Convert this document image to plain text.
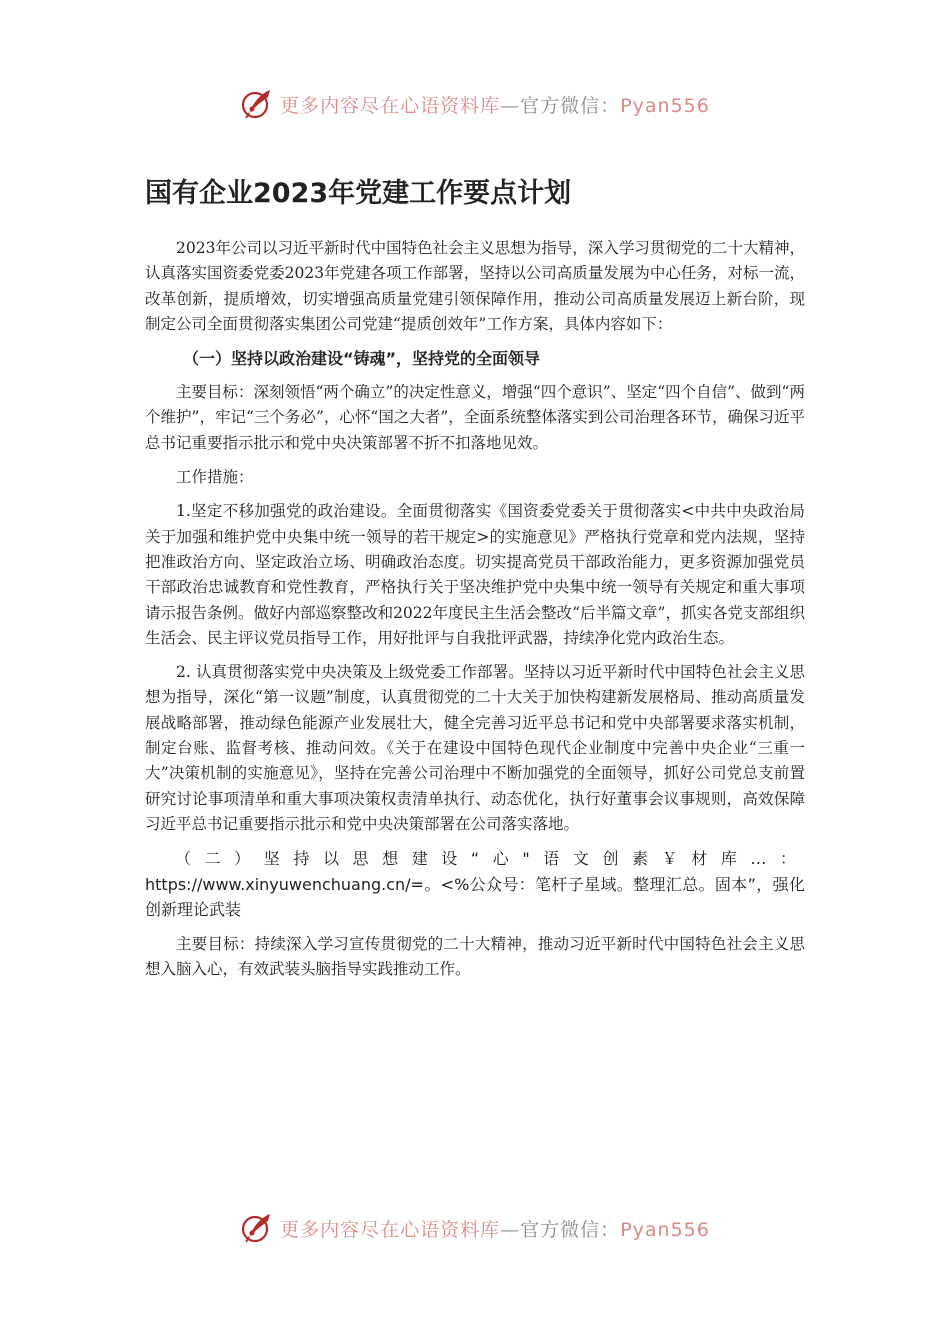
更多内容尽在心语资料库—官方微信：Pyan556
国有企业2023年党建工作要点计划

2023年公司以习近平新时代中国特色社会主义思想为指导，深入学习贯彻党的二十大精神，认真落实国资委党委2023年党建各项工作部署，坚持以公司高质量发展为中心任务，对标一流，改革创新，提质增效，切实增强高质量党建引领保障作用，推动公司高质量发展迈上新台阶，现制定公司全面贯彻落实集团公司党建“提质创效年”工作方案，具体内容如下：

（一）坚持以政治建设“铸魂”，坚持党的全面领导

主要目标：深刻领悟“两个确立”的决定性意义，增强“四个意识”、坚定“四个自信”、做到“两个维护”，牢记“三个务必”，心怀“国之大者”，全面系统整体落实到公司治理各环节，确保习近平总书记重要指示批示和党中央决策部署不折不扣落地见效。

工作措施：

1.坚定不移加强党的政治建设。全面贯彻落实《国资委党委关于贯彻落实<中共中央政治局关于加强和维护党中央集中统一领导的若干规定>的实施意见》严格执行党章和党内法规，坚持把准政治方向、坚定政治立场、明确政治态度。切实提高党员干部政治能力，更多资源加强党员干部政治忠诚教育和党性教育，严格执行关于坚决维护党中央集中统一领导有关规定和重大事项请示报告条例。做好内部巡察整改和2022年度民主生活会整改“后半篇文章”，抓实各党支部组织生活会、民主评议党员指导工作，用好批评与自我批评武器，持续净化党内政治生态。

2. 认真贯彻落实党中央决策及上级党委工作部署。坚持以习近平新时代中国特色社会主义思想为指导，深化“第一议题”制度，认真贯彻党的二十大关于加快构建新发展格局、推动高质量发展战略部署，推动绿色能源产业发展壮大，健全完善习近平总书记和党中央部署要求落实机制，制定台账、监督考核、推动问效。《关于在建设中国特色现代企业制度中完善中央企业“三重一大”决策机制的实施意见》，坚持在完善公司治理中不断加强党的全面领导，抓好公司党总支前置研究讨论事项清单和重大事项决策权责清单执行、动态优化，执行好董事会议事规则，高效保障习近平总书记重要指示批示和党中央决策部署在公司落实落地。

（二）坚持以思想建设“心"语文创素￥材库…：https://www.xinyuwenchuang.cn/=。<%公众号：笔杆子星域。整理汇总。固本”，强化创新理论武装

主要目标：持续深入学习宣传贯彻党的二十大精神，推动习近平新时代中国特色社会主义思想入脑入心，有效武装头脑指导实践推动工作。

更多内容尽在心语资料库—官方微信：Pyan556
